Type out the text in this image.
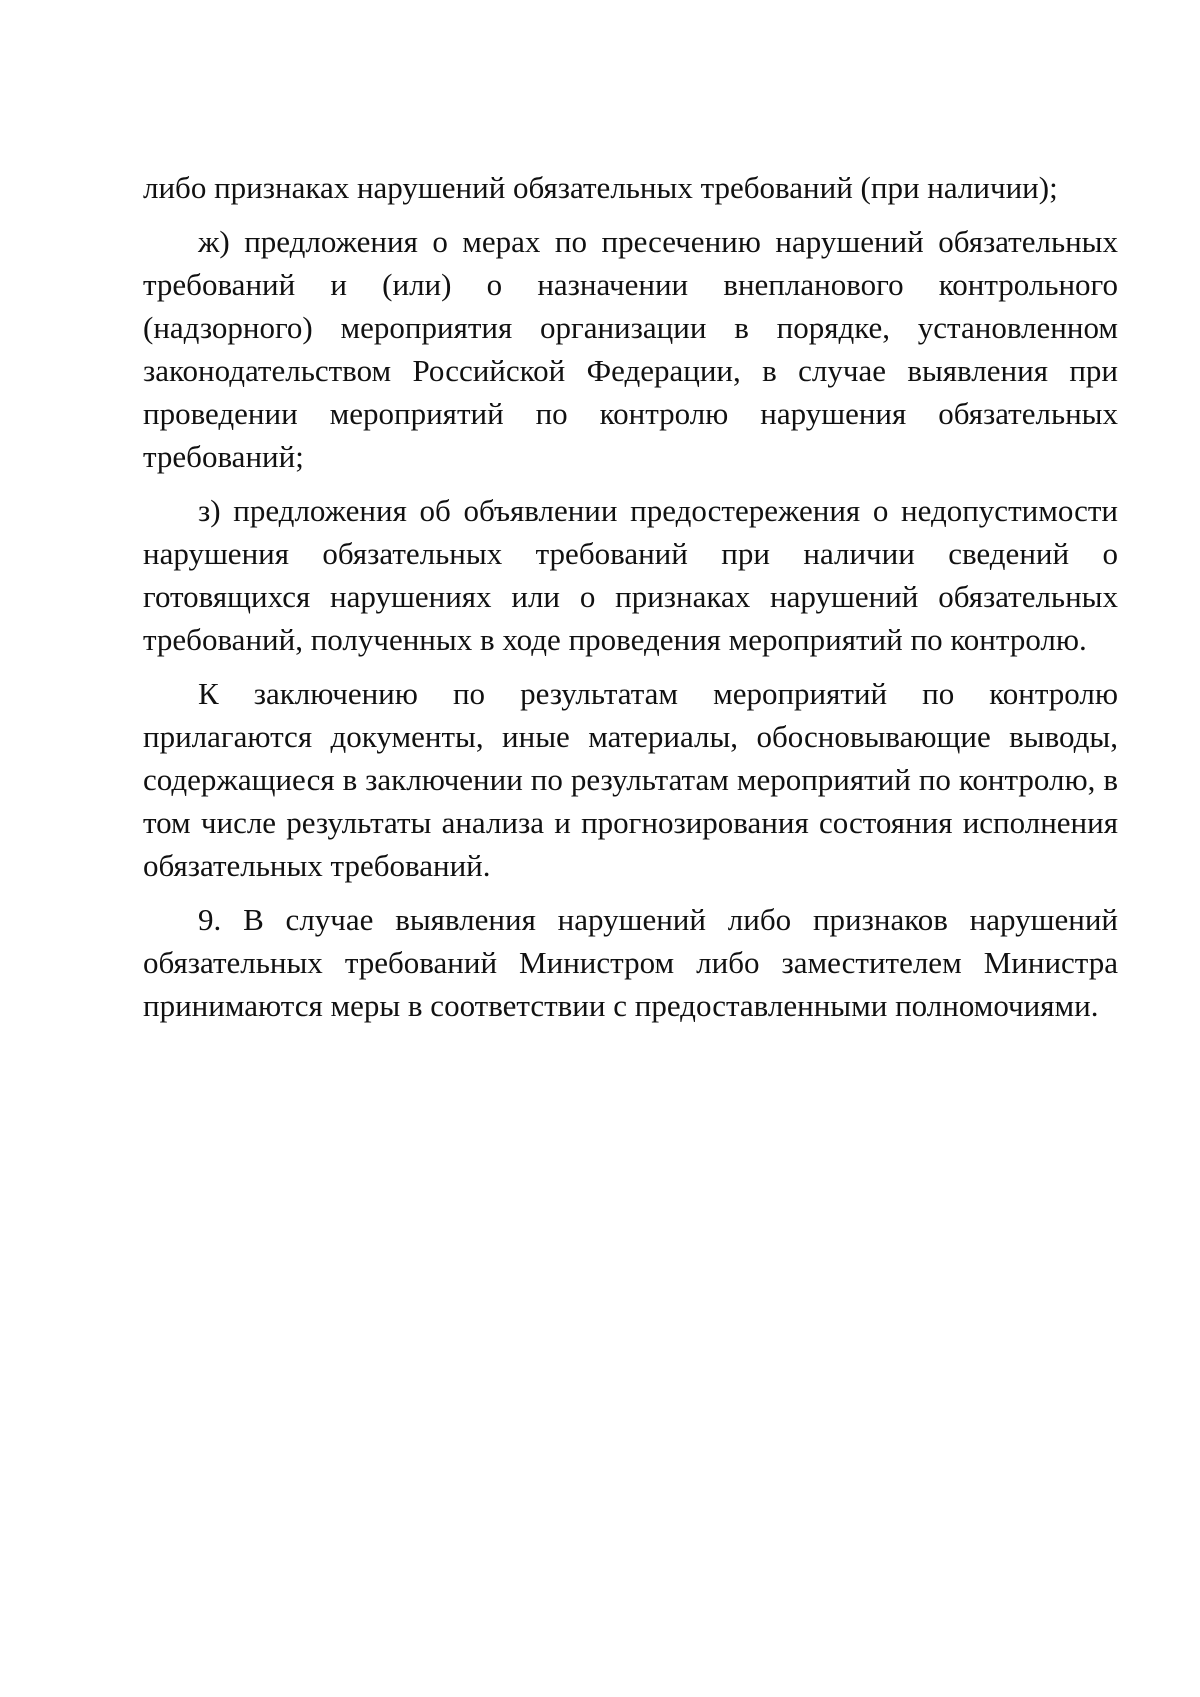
либо признаках нарушений обязательных требований (при наличии);

ж) предложения о мерах по пресечению нарушений обязательных требований и (или) о назначении внепланового контрольного (надзорного) мероприятия организации в порядке, установленном законодательством Российской Федерации, в случае выявления при проведении мероприятий по контролю нарушения обязательных требований;

з) предложения об объявлении предостережения о недопустимости нарушения обязательных требований при наличии сведений о готовящихся нарушениях или о признаках нарушений обязательных требований, полученных в ходе проведения мероприятий по контролю.

К заключению по результатам мероприятий по контролю прилагаются документы, иные материалы, обосновывающие выводы, содержащиеся в заключении по результатам мероприятий по контролю, в том числе результаты анализа и прогнозирования состояния исполнения обязательных требований.

9. В случае выявления нарушений либо признаков нарушений обязательных требований Министром либо заместителем Министра принимаются меры в соответствии с предоставленными полномочиями.
